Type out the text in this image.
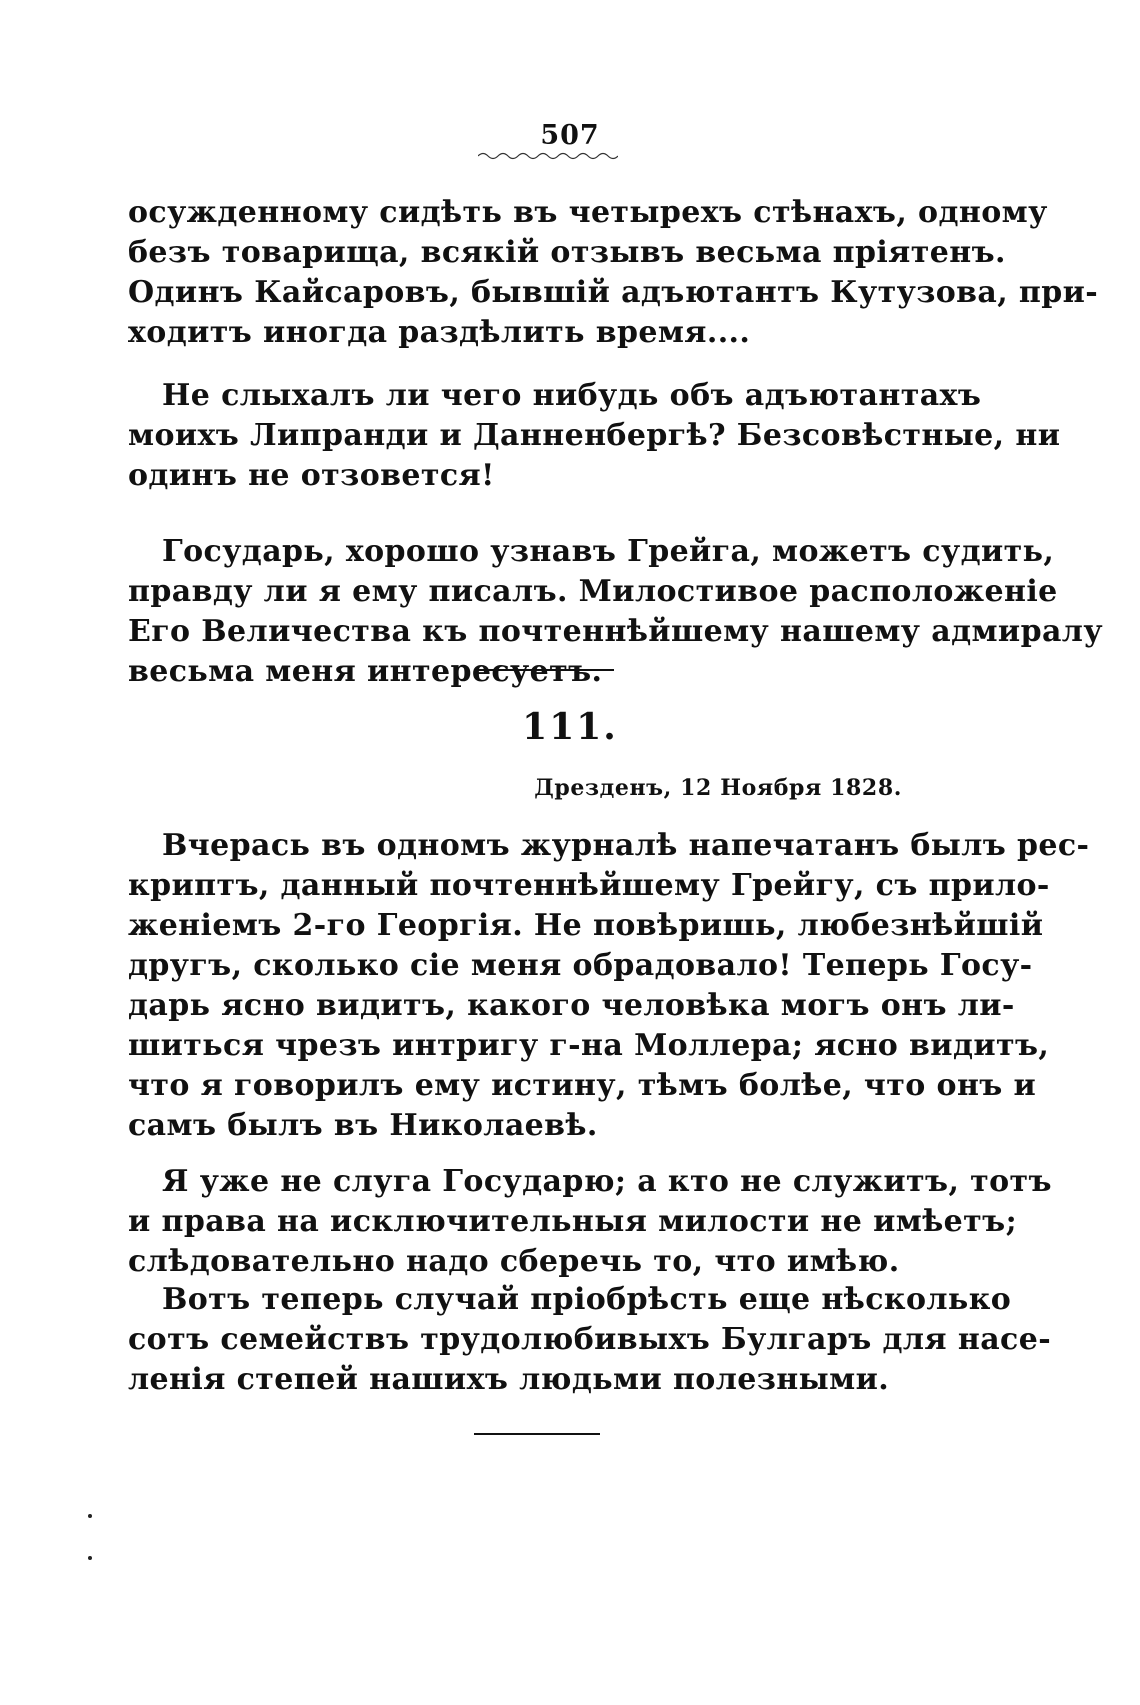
507

осужденному сидѣть въ четырехъ стѣнахъ, одному
безъ товарища, всякій отзывъ весьма пріятенъ.
Одинъ Кайсаровъ, бывшій адъютантъ Кутузова, при-
ходитъ иногда раздѣлить время....

Не слыхалъ ли чего нибудь объ адъютантахъ
моихъ Липранди и Данненбергѣ? Безсовѣстные, ни
одинъ не отзовется!

Государь, хорошо узнавъ Грейга, можетъ судить,
правду ли я ему писалъ. Милостивое расположеніе
Его Величества къ почтеннѣйшему нашему адмиралу
весьма меня интересуетъ.

111.
Дрезденъ, 12 Ноября 1828.

Вчерась въ одномъ журналѣ напечатанъ былъ рес-
криптъ, данный почтеннѣйшему Грейгу, съ прило-
женіемъ 2-го Георгія. Не повѣришь, любезнѣйшій
другъ, сколько сіе меня обрадовало! Теперь Госу-
дарь ясно видитъ, какого человѣка могъ онъ ли-
шиться чрезъ интригу г-на Моллера; ясно видитъ,
что я говорилъ ему истину, тѣмъ болѣе, что онъ и
самъ былъ въ Николаевѣ.

Я уже не слуга Государю; а кто не служитъ, тотъ
и права на исключительныя милости не имѣетъ;
слѣдовательно надо сберечь то, что имѣю.

Вотъ теперь случай пріобрѣсть еще нѣсколько
сотъ семействъ трудолюбивыхъ Булгаръ для насе-
ленія степей нашихъ людьми полезными.
